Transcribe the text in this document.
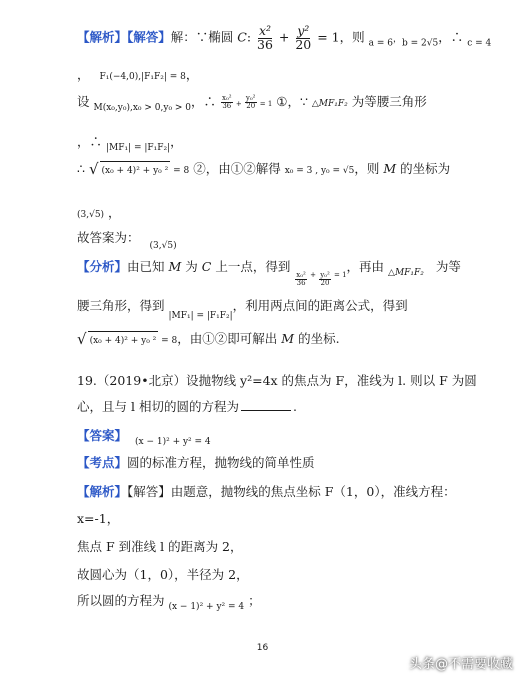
【解析】【解答】解：∵椭圆 C: $\frac{\text{x²}}{36} + \frac{\text{y²}}{20} = 1$，则 $_{a = 6}$，$_{b = 2√5}$，∴ $_{c = 4}$
， F₁(−4,0),|F₁F₂| = 8，
设 $_{M(x_0,y_0),x_0 > 0,y_0 > 0}$，∴ $\frac{\text{x₀²}}{36} + \frac{\text{y₀²}}{20} = 1$ ①，∵ △MF₁F₂ 为等腰三角形
，∴ $_{|MF_1| = |F_1F_2|}$，
∴ √ (x₀ + 4)² + y₀ ² = 8 ②，由①②解得 x₀ = 3 , y₀ = √5，则 M 的坐标为
(3,√5) ，
故答案为：$_{(3,√5)}$
【分析】由已知 M 为 C 上一点，得到
$\frac{\text{x₀²}}{36} _+ \frac{\text{y₀²}}{20} _{= 1}$，再由 $_{\triangle MF_1F_2}$ 为等
腰三角形，得到 $_{|MF_1| = |F_1F_2|}$，利用两点间的距离公式，得到
√ (x₀ + 4)² + y₀ ² = 8，由①②即可解出 M 的坐标.
19.（2019•北京）设抛物线 y²=4x 的焦点为 F，准线为 l. 则以 F 为圆
心，且与 l 相切的圆的方程为	.
【答案】 $_{(x - 1)^2 + y^2 = 4}$
【考点】圆的标准方程，抛物线的简单性质
【解析】【解答】由题意，抛物线的焦点坐标 F（1，0），准线方程：
x=-1，
焦点 F 到准线 l 的距离为 2，
故圆心为（1，0），半径为 2，
所以圆的方程为 $_{(x - 1)^2 + y^2 = 4}$ ；
16
头条@不需要收藏
